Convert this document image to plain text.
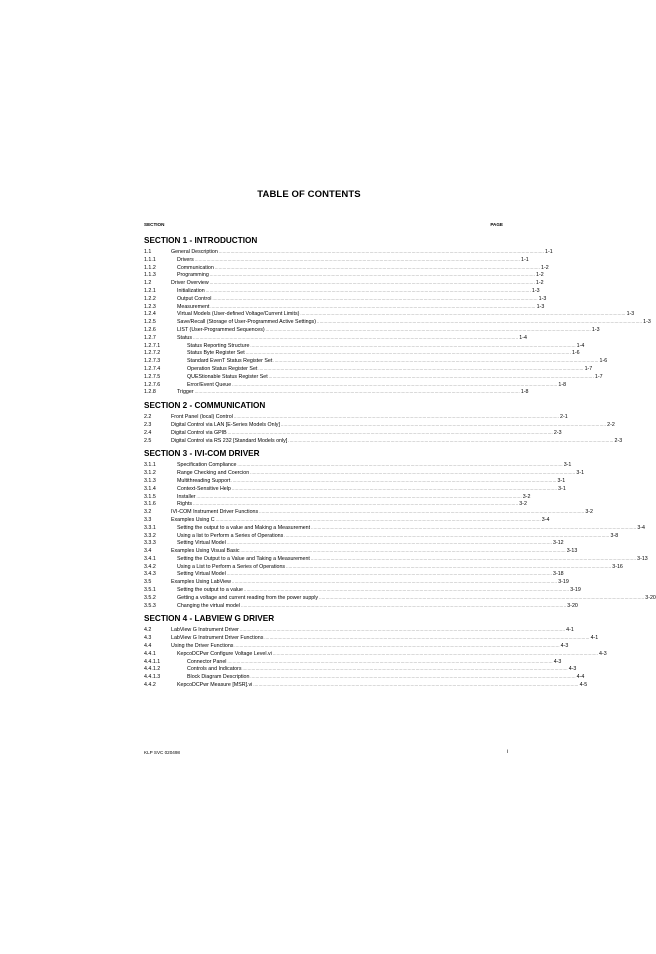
TABLE OF CONTENTS
SECTION	PAGE
SECTION 1 - INTRODUCTION
1.1	General Description .....	1-1
1.1.1	Drivers .....	1-1
1.1.2	Communication .....	1-2
1.1.3	Programming .....	1-2
1.2	Driver Overview .....	1-2
1.2.1	Initialization .....	1-3
1.2.2	Output Control .....	1-3
1.2.3	Measurement .....	1-3
1.2.4	Virtual Models (User-defined Voltage/Current Limits) .....	1-3
1.2.5	Save/Recall (Storage of User-Programmed Active Settings) .....	1-3
1.2.6	LIST (User-Programmed Sequences) .....	1-3
1.2.7	Status .....	1-4
1.2.7.1	Status Reporting Structure .....	1-4
1.2.7.2	Status Byte Register Set .....	1-6
1.2.7.3	Standard EvenT Status Register Set .....	1-6
1.2.7.4	Operation Status Register Set .....	1-7
1.2.7.5	QUEStionable Status Register Set .....	1-7
1.2.7.6	Error/Event Queue .....	1-8
1.2.8	Trigger .....	1-8
SECTION 2 - COMMUNICATION
2.2	Front Panel (local) Control .....	2-1
2.3	Digital Control via LAN [E-Series Models Only] .....	2-2
2.4	Digital Control via GPIB .....	2-3
2.5	Digital Control via RS 232 [Standard Models only] .....	2-3
SECTION 3 - IVI-COM DRIVER
3.1.1	Specification Compliance .....	3-1
3.1.2	Range Checking and Coercion .....	3-1
3.1.3	Multithreading Support .....	3-1
3.1.4	Context-Sensitive Help .....	3-1
3.1.5	Installer .....	3-2
3.1.6	Rights .....	3-2
3.2	IVI-COM Instrument Driver Functions .....	3-2
3.3	Examples Using C .....	3-4
3.3.1	Setting the output to a value and Making a Measurement .....	3-4
3.3.2	Using a list to Perform a Series of Operations .....	3-8
3.3.3	Setting Virtual Model .....	3-12
3.4	Examples Using Visual Basic .....	3-13
3.4.1	Setting the Output to a Value and Taking a Measurement .....	3-13
3.4.2	Using a List to Perform a Series of Operations .....	3-16
3.4.3	Setting Virtual Model .....	3-18
3.5	Examples Using LabView .....	3-19
3.5.1	Setting the output to a value .....	3-19
3.5.2	Getting a voltage and current reading from the power supply .....	3-20
3.5.3	Changing the virtual model .....	3-20
SECTION 4 - LABVIEW G DRIVER
4.2	LabView G Instrument Driver .....	4-1
4.3	LabView G Instrument Driver Functions .....	4-1
4.4	Using the Driver Functions .....	4-3
4.4.1	KepcoDCPwr Configure Voltage Level.vi .....	4-3
4.4.1.1	Connector Panel .....	4-3
4.4.1.2	Controls and Indicators .....	4-3
4.4.1.3	Block Diagram Description .....	4-4
4.4.2	KepcoDCPwr Measure [MSR].vi .....	4-5
KLP SVC 020498	i
